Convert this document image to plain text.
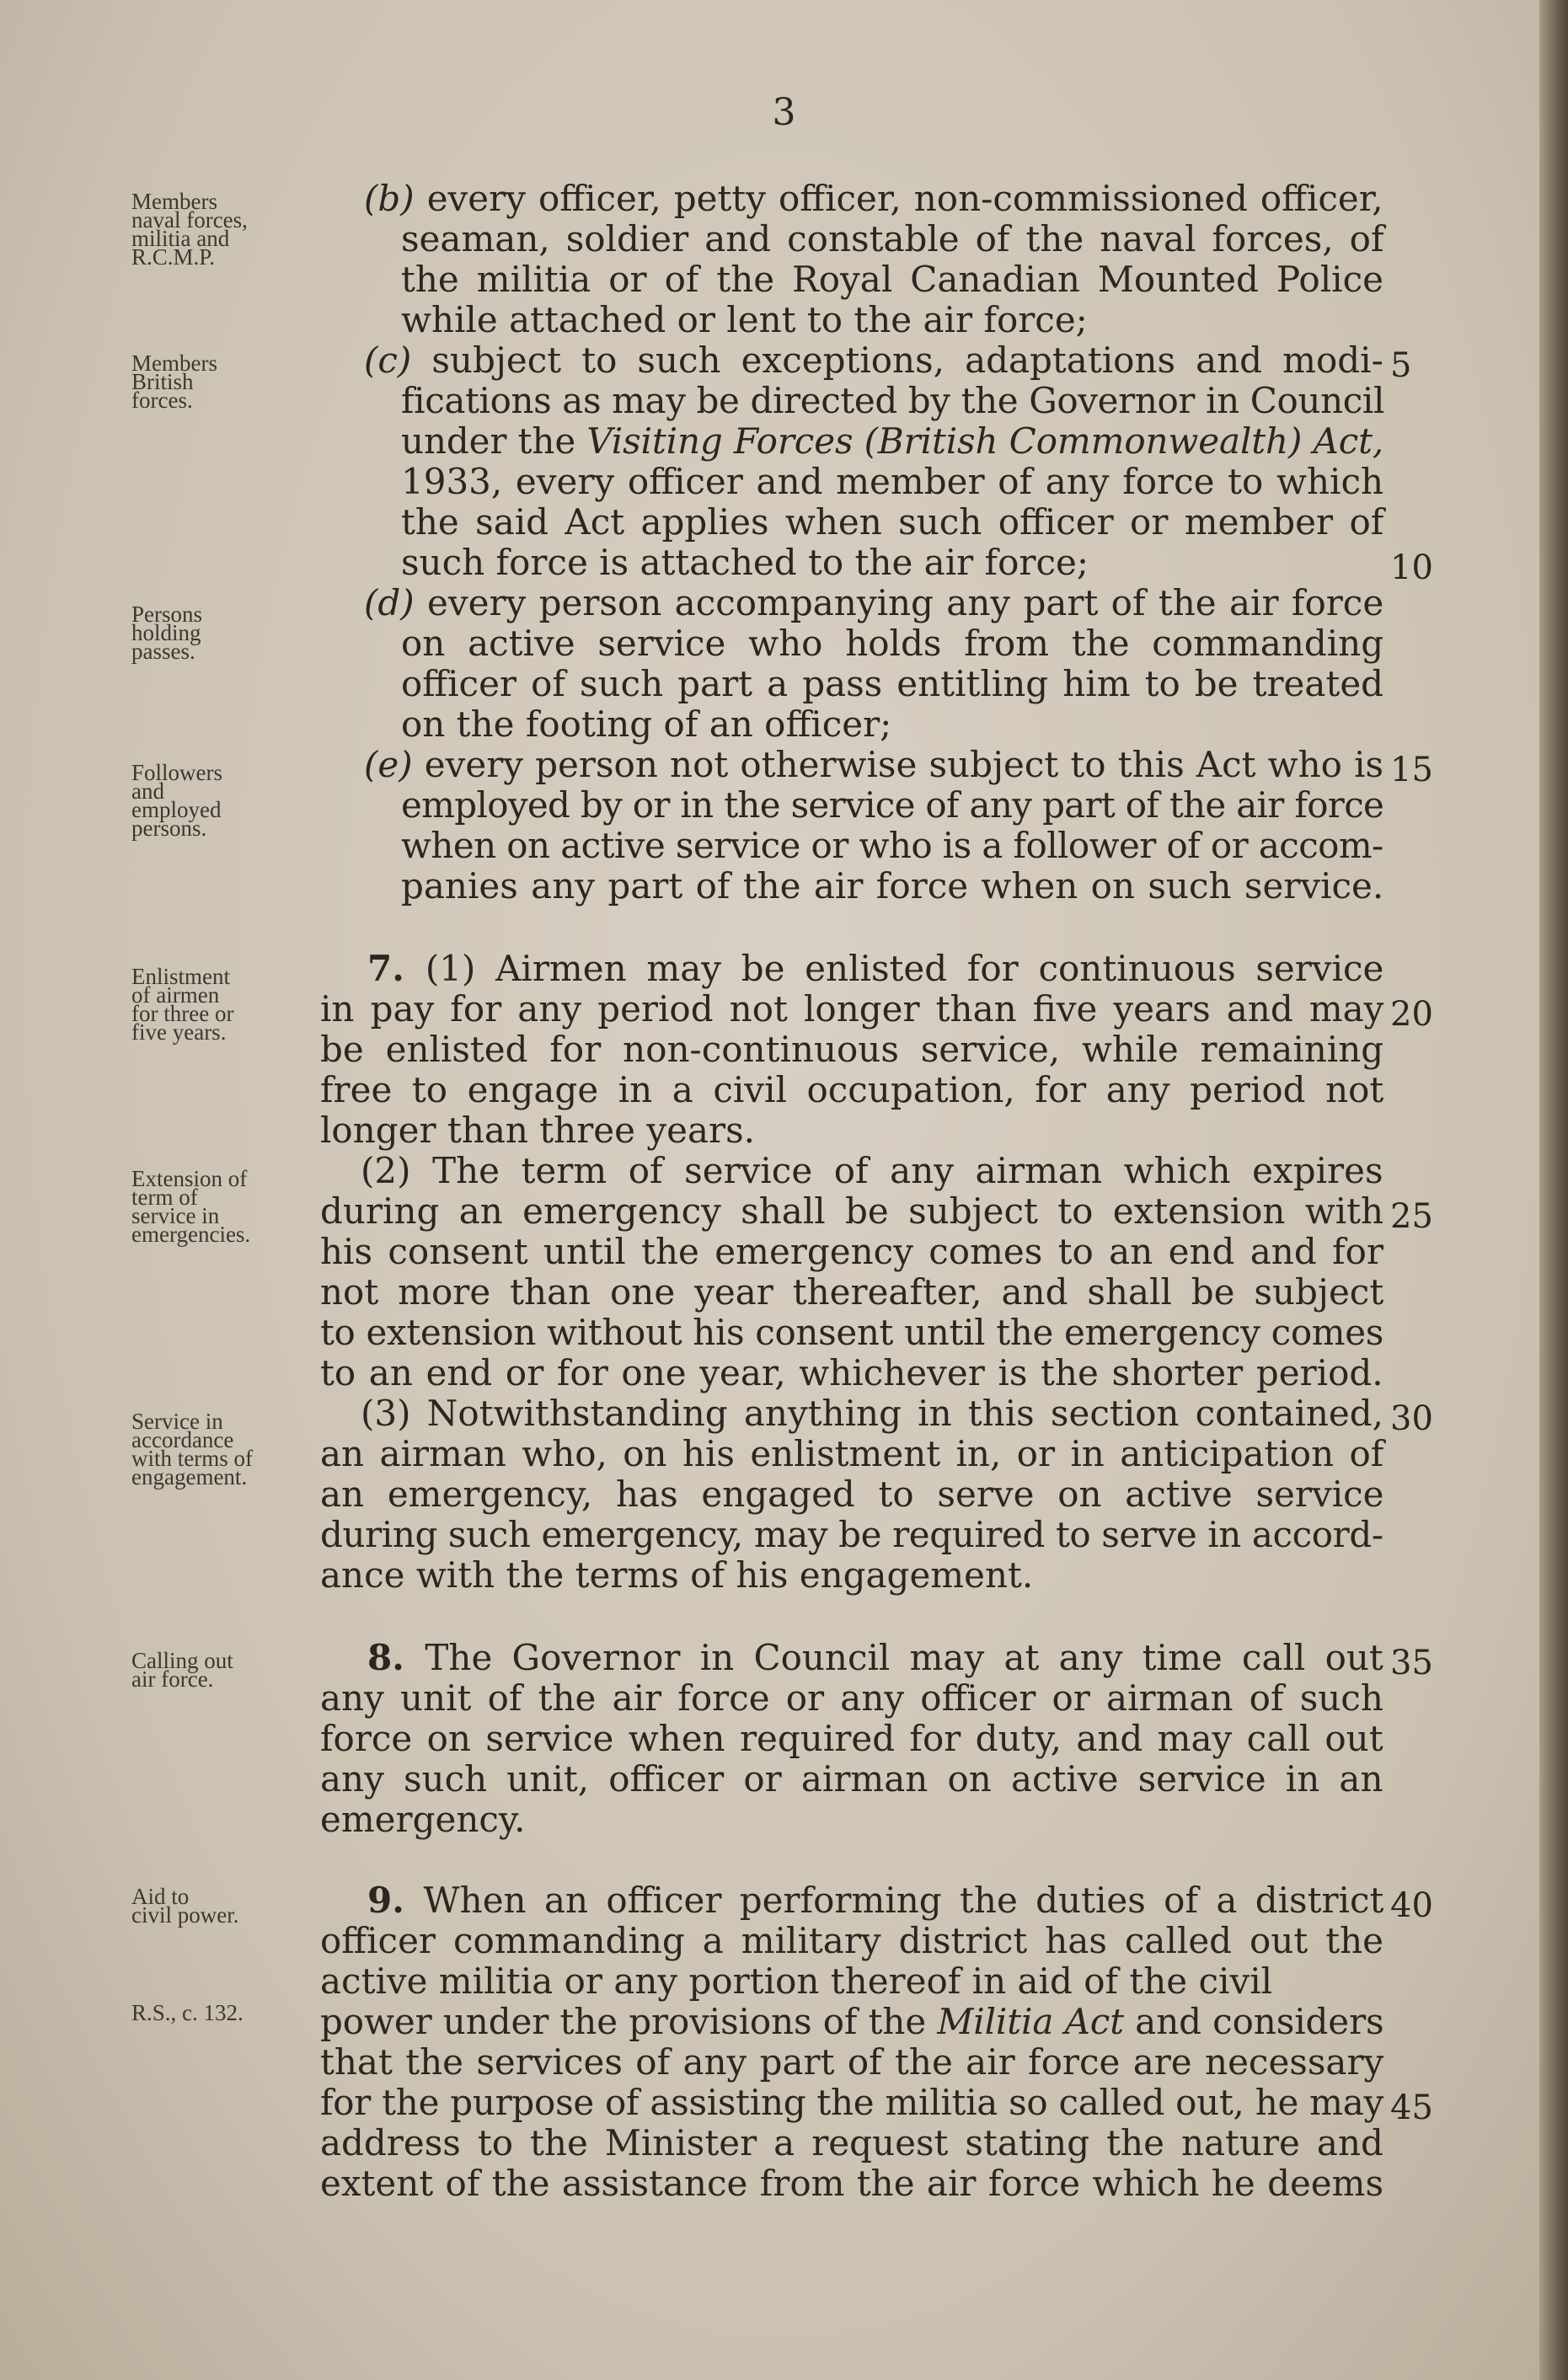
3
Members
naval forces,
militia and
R.C.M.P.
Members
British
forces.
Persons
holding
passes.
Followers
and
employed
persons.
Enlistment
of airmen
for three or
five years.
Extension of
term of
service in
emergencies.
Service in
accordance
with terms of
engagement.
Calling out
air force.
Aid to
civil power.
R.S., c. 132.
(b) every officer, petty officer, non-commissioned officer,
seaman, soldier and constable of the naval forces, of
the militia or of the Royal Canadian Mounted Police
while attached or lent to the air force;
(c) subject to such exceptions, adaptations and modi- 5
fications as may be directed by the Governor in Council
under the Visiting Forces (British Commonwealth) Act,
1933, every officer and member of any force to which
the said Act applies when such officer or member of
such force is attached to the air force;	10
(d) every person accompanying any part of the air force
on active service who holds from the commanding
officer of such part a pass entitling him to be treated
on the footing of an officer;
(e) every person not otherwise subject to this Act who is 15
employed by or in the service of any part of the air force
when on active service or who is a follower of or accom-
panies any part of the air force when on such service.
7. (1) Airmen may be enlisted for continuous service
in pay for any period not longer than five years and may 20
be enlisted for non-continuous service, while remaining
free to engage in a civil occupation, for any period not
longer than three years.
(2) The term of service of any airman which expires
during an emergency shall be subject to extension with 25
his consent until the emergency comes to an end and for
not more than one year thereafter, and shall be subject
to extension without his consent until the emergency comes
to an end or for one year, whichever is the shorter period.
(3) Notwithstanding anything in this section contained, 30
an airman who, on his enlistment in, or in anticipation of
an emergency, has engaged to serve on active service
during such emergency, may be required to serve in accord-
ance with the terms of his engagement.
8. The Governor in Council may at any time call out 35
any unit of the air force or any officer or airman of such
force on service when required for duty, and may call out
any such unit, officer or airman on active service in an
emergency.
9. When an officer performing the duties of a district 40
officer commanding a military district has called out the
active militia or any portion thereof in aid of the civil
power under the provisions of the Militia Act and considers
that the services of any part of the air force are necessary
for the purpose of assisting the militia so called out, he may 45
address to the Minister a request stating the nature and
extent of the assistance from the air force which he deems
